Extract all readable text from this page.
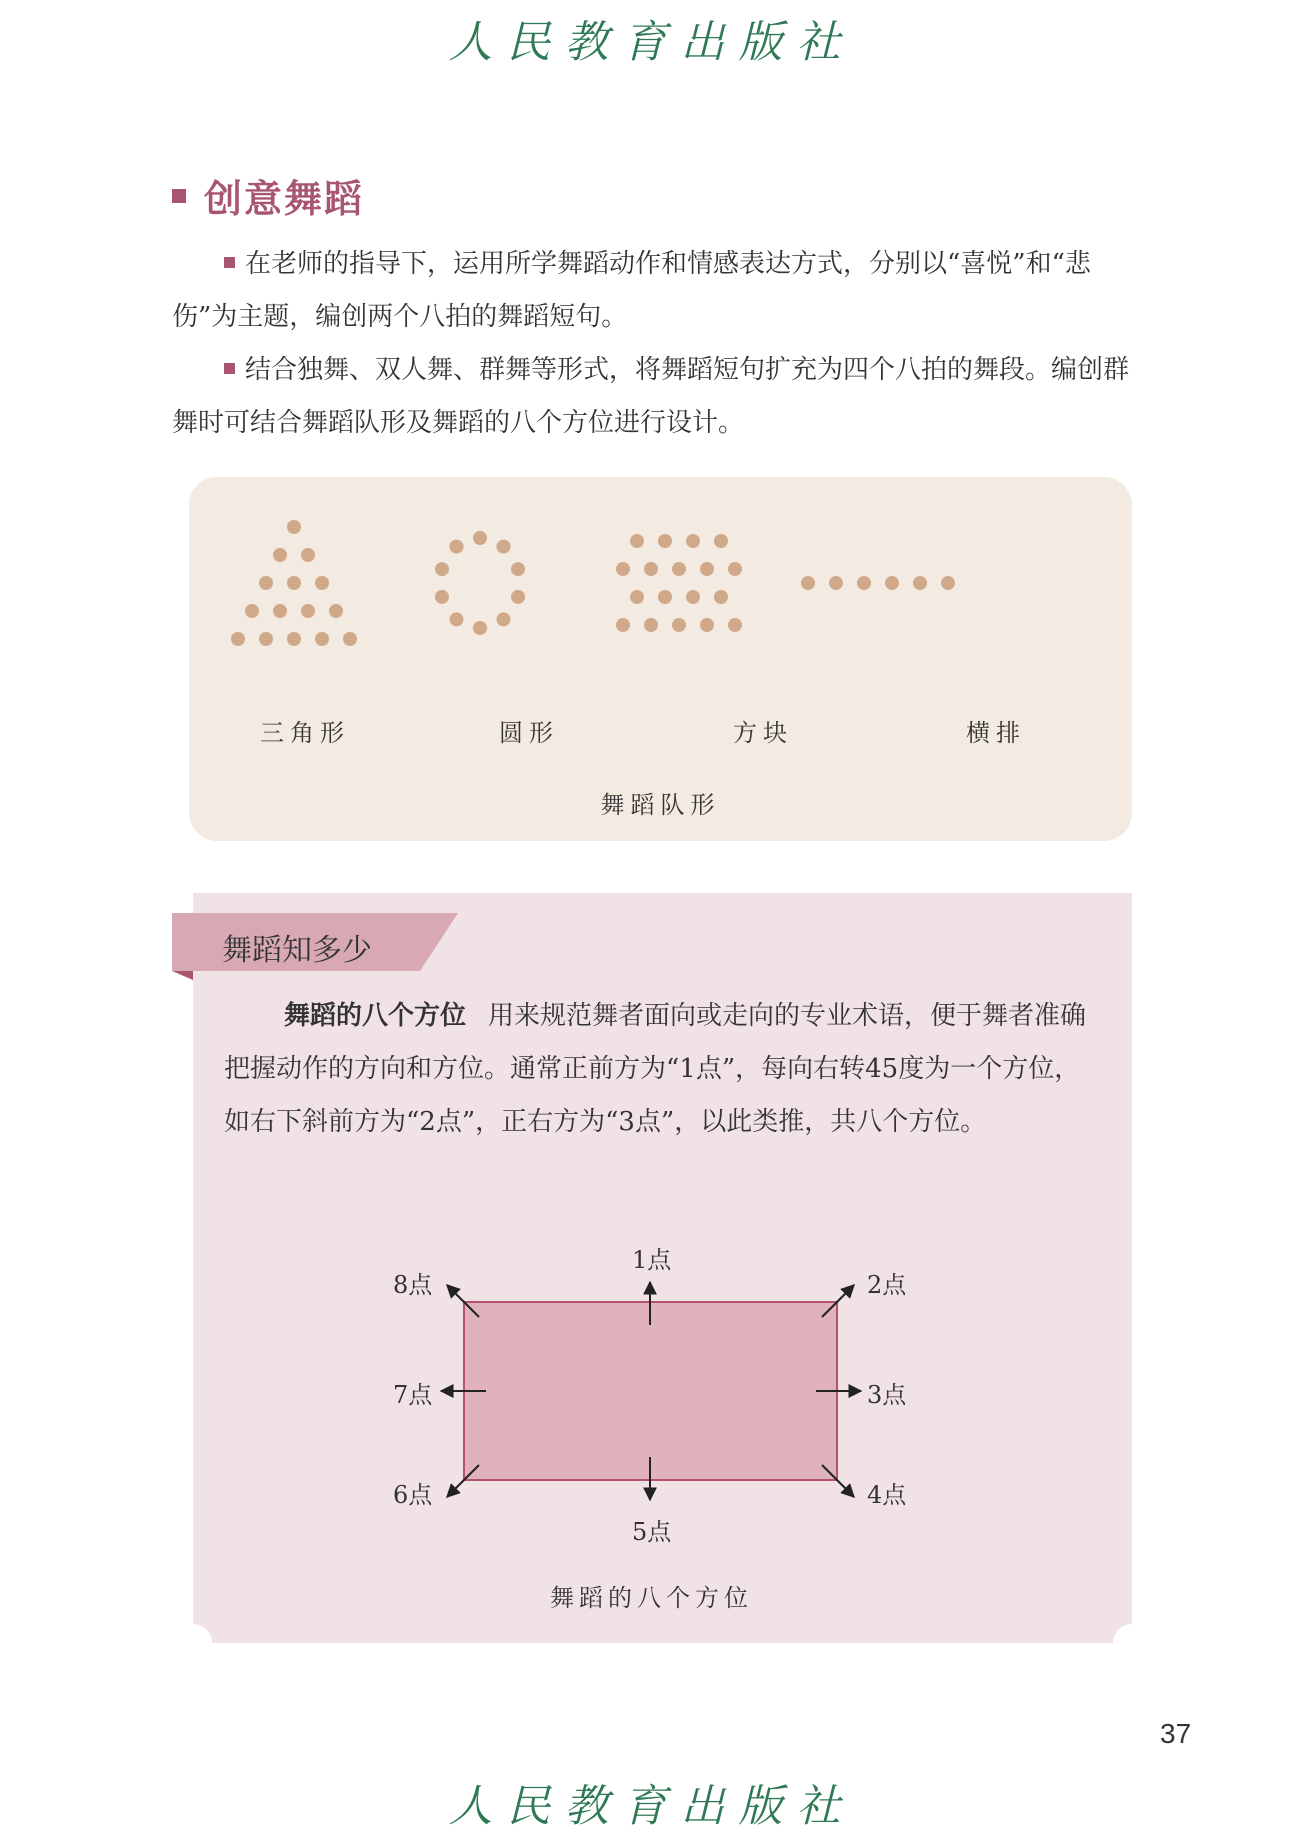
人民教育出版社
创意舞蹈
在老师的指导下，运用所学舞蹈动作和情感表达方式，分别以“喜悦”和“悲伤”为主题，编创两个八拍的舞蹈短句。
结合独舞、双人舞、群舞等形式，将舞蹈短句扩充为四个八拍的舞段。编创群舞时可结合舞蹈队形及舞蹈的八个方位进行设计。
三角形	圆形	方块	横排
舞蹈队形
舞蹈知多少
舞蹈的八个方位 用来规范舞者面向或走向的专业术语，便于舞者准确把握动作的方向和方位。通常正前方为“1点”，每向右转45度为一个方位，如右下斜前方为“2点”，正右方为“3点”，以此类推，共八个方位。
1点
2点
3点
4点
5点
6点
7点
8点
舞蹈的八个方位
37
人民教育出版社
